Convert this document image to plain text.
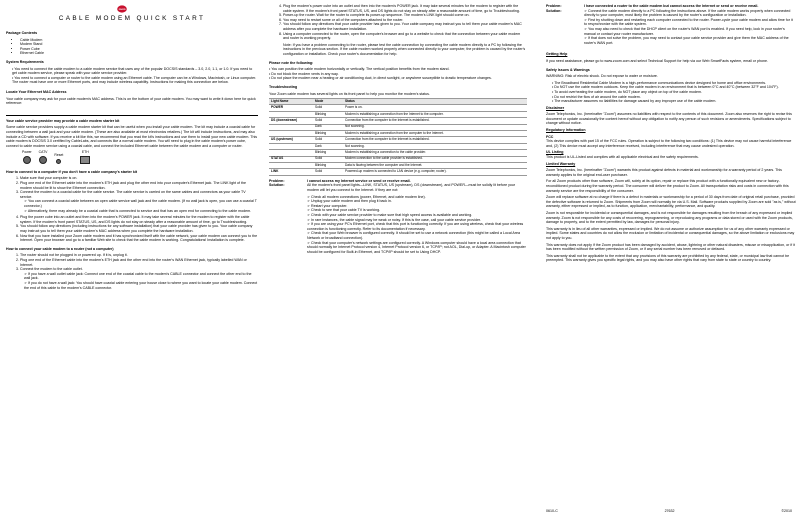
Package Contents

• Cable Modem
• Modem Stand
• Power Cube
• Ethernet Cable

System Requirements

• You need to connect the cable modem to a cable modem service that uses any of the popular DOCSIS standards – 3.0, 2.0, 1.1, or 1.0. If you need to get cable modem service, please speak with your cable service provider.
• You need to connect a computer or router to the cable modem using an Ethernet cable. The computer can be a Windows, Macintosh, or Linux computer. The router must have one or more Ethernet ports, and may include wireless capability. Instructions for making this connection are below.

Locate Your Ethernet MAC Address

Your cable company may ask for your cable modem's MAC address. This is on the bottom of your cable modem. You may want to write it down here for quick reference:

Your cable service provider may provide a cable modem starter kit

Some cable service providers supply a cable modem starter kit that can be useful when you install your cable modem. The kit may include a coaxial cable for connecting between a wall jack and your cable modem. (These are also available at most electronics retailers.) The kit will include instructions, and may also include a CD with software. If you receive a kit like this, we recommend that you read the kit's instructions and use them to install your new cable modem. This cable modem is DOCSIS 3.0 certified by CableLabs, and connects like a normal cable modem. You will need to plug in the cable modem's power cube, connect to cable modem service using a coaxial cable, and connect the included Ethernet cable between the cable modem and a computer or router.

Power CATV
Reset
ETH

How to connect to a computer if you don't have a cable company's starter kit

1. Make sure that your computer is on.
2. Plug one end of the Ethernet cable into the modem's ETH jack and plug the other end into your computer's Ethernet jack. The LINK light of the modem should be lit to show the Ethernet connection.
3. Connect the modem to a coaxial cable for the cable service. The cable service is carried on the same cables and connectors as your cable TV service.
➢ You can connect a coaxial cable between an open cable service wall jack and the cable modem. (If no wall jack is open, you can use a coaxial T connector.)
➢ Alternatively, there may already be a coaxial cable that is connected to service and that has an open end for connecting to the cable modem.
4. Plug the power cube into an outlet and then into the modem's POWER jack. It may take several minutes for the modem to register with the cable system. If the modem's front panel STATUS, US, and DS lights do not stay on steady after a reasonable amount of time, go to Troubleshooting.
5. You should follow any directions (including instructions for any software installation) that your cable provider has given to you. Your cable company may instruct you to tell them your cable modem's MAC address when you complete the hardware installation.
6. Now that you have installed your Zoom cable modem and it has synchronized itself with the cable network, your cable modem can connect you to the Internet. Open your browser and go to a familiar Web site to check that the cable modem is working. Congratulations! Installation is complete.

How to connect your cable modem to a router (not a computer)

1. The router should not be plugged in or powered up. If it is, unplug it.
2. Plug one end of the Ethernet cable into the modem's ETH jack and the other end into the router's WAN Ethernet jack, typically labelled WAN or Internet.
3. Connect the modem to the cable outlet.
➢ If you have a wall outlet cable jack: Connect one end of the coaxial cable to the modem's CABLE connector and connect the other end to the wall jack.
➢ If you do not have a wall jack: You should have coaxial cable entering your house close to where you want to locate your cable modem. Connect the end of this cable to the modem's CABLE connector.
zoom
CABLE MODEM QUICK START
4. Plug the modem's power cube into an outlet and then into the modem's POWER jack. It may take several minutes for the modem to register with the cable system. If the modem's front panel STATUS, US, and DS lights do not stay on steady after a reasonable amount of time, go to Troubleshooting.
5. Power-up the router. Wait for the router to complete its power-up sequence. The modem's LINK light should come on.
6. You may need to restart some or all of the computers attached to the router.
7. You should follow any directions that your cable provider has given to you. Your cable company may instruct you to tell them your cable modem's MAC address after you complete the hardware installation.
8. Using a computer connected to the router, open the computer's browser and go to a website to check that the connection between your cable modem and router is working properly.

Note: If you have a problem connecting to the router, please test the cable connection by connecting the cable modem directly to a PC by following the instructions in the previous section. If the cable modem worked properly when connected directly to your computer, the problem is caused by the router's configuration or installation. Check your router's documentation for help.

Please note the following:

• You can position the cable modem horizontally or vertically. The vertical position benefits from the modem stand.
• Do not block the modem vents in any way.
• Do not place the modem near a heating or air conditioning duct, in direct sunlight, or anywhere susceptible to drastic temperature changes.

Troubleshooting

Your Zoom cable modem has several lights on its front panel to help you monitor the modem's status.

Light Name	Mode	Status
POWER	Solid	Power is on.
	Blinking	Modem is establishing a connection from the Internet to the computer.
DS (downstream)	Solid	Connection from the computer to the Internet is established.
	Dark	Not scanning.
	Blinking	Modem is establishing a connection from the computer to the Internet.
US (upstream)	Solid	Connection from the computer to the Internet is established.
	Dark	Not scanning.
	Blinking	Modem is establishing a connection to the cable provider.
STATUS	Solid	Modem connection to the cable provider is established.
	Blinking	Data is flowing between the computer and the Internet.
LINK	Solid	Powered-up modem is connected to LAN device (e.g. computer, router).
Problem:	I cannot access my Internet service or send or receive email.
Solution:	All the modem's front panel lights—LINK, STATUS, US (upstream), DS (downstream), and POWER—must be solidly lit before your modem will let you connect to the Internet. If they are not:

➢ Check all modem connections (power, Ethernet, and cable modem line).
➢ Unplug your cable modem and then plug it back in.
➢ Restart your computer.
➢ Check to see that your cable TV is working.
➢ Check with your cable service provider to make sure that high speed access is available and working.
➢ In rare instances, the cable signal may be weak or noisy. If this is the case, call your cable service provider.
➢ If you are using your PC's Ethernet port, check that this port is functioning correctly. If you are using wireless, check that your wireless connection is functioning correctly. Refer to its documentation if necessary.
➢ Check that your Web browser is configured correctly. It should be set to use a network connection (this might be called a Local Area Network or broadband connection).
➢ Check that your computer's network settings are configured correctly. A Windows computer should have a local area connection that should normally be Internet Protocol version 4, Internet Protocol version 6, or TCP/IP; not AOL, Dial-up, or Adapter. A Macintosh computer should be configured for Built-in Ethernet, and TCP/IP should be set to Using DHCP.
Problem:	I have connected a router to the cable modem but cannot access the Internet or send or receive email.
Solution:	➢ Connect the cable modem directly to a PC following the instructions above. If the cable modem works properly when connected directly to your computer, most likely the problem is caused by the router's configuration or installation.
➢ First try shutting down and restarting each computer connected to the router. Power-cycle your cable modem and allow time for it to resynchronize with the cable system.
➢ You may also need to check that the DHCP client on the router's WAN port is enabled. If you need help, look in your router's manual or contact your router manufacturer.
➢ If that does not solve the problem, you may need to contact your cable service provider and give them the MAC address of the router's WAN port.

Getting Help

If you need assistance, please go to www.zoom.com and select Technical Support for help via our Web SmartFacts system, email or phone.

Safety Issues & Warnings

WARNING: Risk of electric shock. Do not expose to water or moisture.

• The Broadband Residential Cable Modem is a high-performance communications device designed for home and office environments.
• Do NOT use the cable modem outdoors. Keep the cable modem in an environment that is between 0°C and 40°C (between 32°F and 104°F).
• To avoid overheating the cable modem, do NOT place any object on top of the cable modem.
• Do not restrict the flow of air around the cable modem.
• The manufacturer assumes no liabilities for damage caused by any improper use of the cable modem.

Disclaimer

Zoom Telephonics, Inc. (hereinafter "Zoom") assumes no liabilities with respect to the contents of this document. Zoom also reserves the right to revise this document or update occasionally the content hereof without any obligation to notify any person of such revisions or amendments. Specifications subject to change without notice.

Regulatory Information

FCC

This device complies with part 15 of the FCC rules. Operation is subject to the following two conditions: (1) This device may not cause harmful interference and, (2) This device must accept any interference received, including interference that may cause undesired operation.

UL Listing

This product is UL-Listed and complies with all applicable electrical and fire safety requirements.

Limited Warranty

Zoom Telephonics, Inc. (hereinafter "Zoom") warrants this product against defects in material and workmanship for a warranty period of 2 years. This warranty applies to the original end-user purchaser.

For all Zoom products other than software, Zoom will, solely at its option, repair or replace this product with a functionally equivalent new or factory-reconditioned product during the warranty period. The consumer will deliver the product to Zoom. All transportation risks and costs in connection with this warranty service are the responsibility of the consumer.

Zoom will replace software at no charge if there is a defect in materials or workmanship for a period of 30 days from date of original retail purchase, provided the defective software is returned to Zoom. Shipments from Zoom will normally be via U.S. Mail. Software products supplied by Zoom are sold "as is," without warranty, either expressed or implied, as to function, application, merchantability, performance, and quality.

Zoom is not responsible for incidental or consequential damages, and is not responsible for damages resulting from the breach of any expressed or implied warranty. Zoom is not responsible for any costs of recovering, reprogramming, or reproducing any programs or data stored or used with the Zoom products, damage to property, and to the extent permitted by law, damages for personal injury.

This warranty is in lieu of all other warranties, expressed or implied. We do not assume or authorize assumption for us of any other warranty expressed or implied. Some states and countries do not allow the exclusion or limitation of incidental or consequential damages, so the above limitation or exclusions may not apply to you.

This warranty does not apply if the Zoom product has been damaged by accident, abuse, lightning or other natural disasters, misuse or misapplication, or if it has been modified without the written permission of Zoom, or if any serial number has been removed or defaced.

This warranty shall not be applicable to the extent that any provisions of this warranty are prohibited by any federal, state, or municipal law that cannot be preempted. This warranty gives you specific legal rights, and you may also have other rights that vary from state to state or country to country.

0610-C	27632	©2010
